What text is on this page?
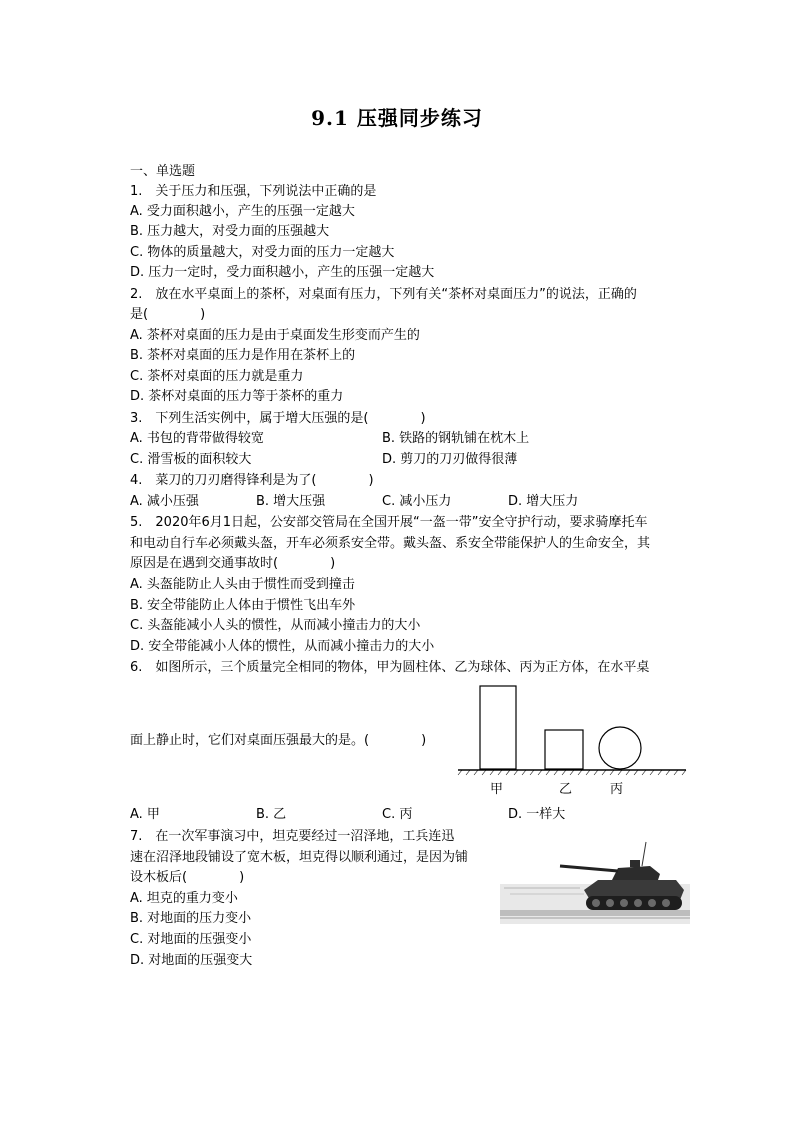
9.1 压强同步练习
一、单选题
1.　关于压力和压强，下列说法中正确的是
A. 受力面积越小，产生的压强一定越大
B. 压力越大，对受力面的压强越大
C. 物体的质量越大，对受力面的压力一定越大
D. 压力一定时，受力面积越小，产生的压强一定越大
2.　放在水平桌面上的茶杯，对桌面有压力，下列有关“茶杯对桌面压力”的说法，正确的
是(　　　　)
A. 茶杯对桌面的压力是由于桌面发生形变而产生的
B. 茶杯对桌面的压力是作用在茶杯上的
C. 茶杯对桌面的压力就是重力
D. 茶杯对桌面的压力等于茶杯的重力
3.　下列生活实例中，属于增大压强的是(　　　　)
A. 书包的背带做得较宽	B. 铁路的钢轨铺在枕木上
C. 滑雪板的面积较大	D. 剪刀的刀刃做得很薄
4.　菜刀的刀刃磨得锋利是为了(　　　　)
A. 减小压强	B. 增大压强	C. 减小压力	D. 增大压力
5.　2020年6月1日起，公安部交管局在全国开展“一盔一带”安全守护行动，要求骑摩托车
和电动自行车必须戴头盔，开车必须系安全带。戴头盔、系安全带能保护人的生命安全，其
原因是在遇到交通事故时(　　　　)
A. 头盔能防止人头由于惯性而受到撞击
B. 安全带能防止人体由于惯性飞出车外
C. 头盔能减小人头的惯性，从而减小撞击力的大小
D. 安全带能减小人体的惯性，从而减小撞击力的大小
6.　如图所示，三个质量完全相同的物体，甲为圆柱体、乙为球体、丙为正方体，在水平桌
面上静止时，它们对桌面压强最大的是。(　　　　)
甲	乙	丙
A. 甲	B. 乙	C. 丙	D. 一样大
7.　在一次军事演习中，坦克要经过一沼泽地，工兵连迅
速在沼泽地段铺设了宽木板，坦克得以顺利通过，是因为铺
设木板后(　　　　)
A. 坦克的重力变小
B. 对地面的压力变小
C. 对地面的压强变小
D. 对地面的压强变大
